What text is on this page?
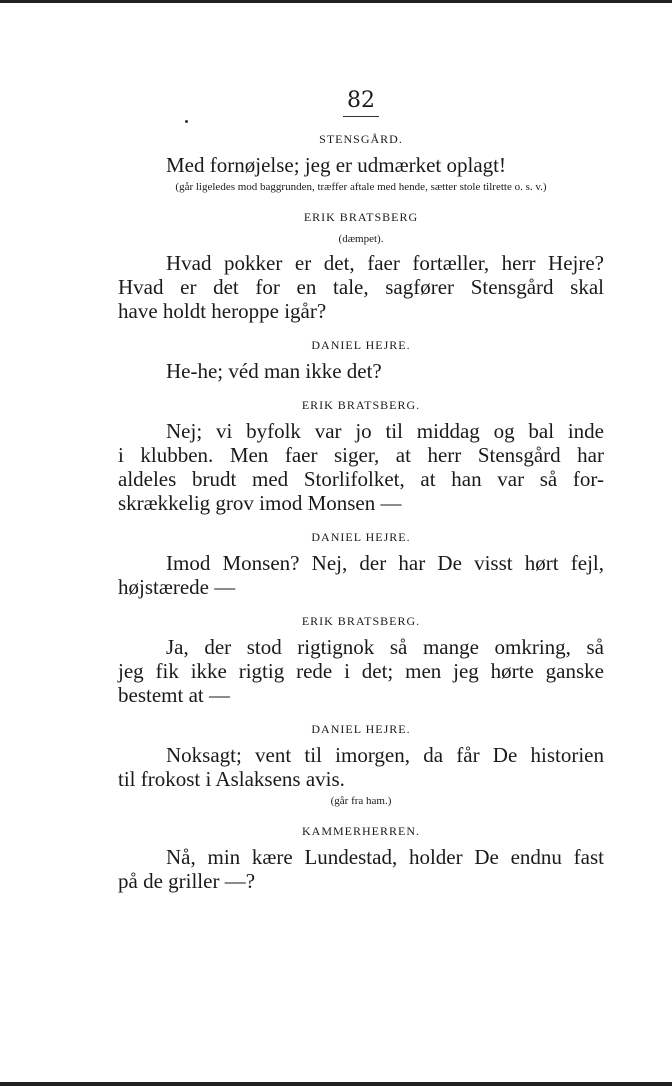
82
STENSGÅRD.
Med fornøjelse; jeg er udmærket oplagt!
(går ligeledes mod baggrunden, træffer aftale med hende, sætter stole tilrette o. s. v.)
ERIK BRATSBERG
(dæmpet).
Hvad pokker er det, faer fortæller, herr Hejre?
Hvad er det for en tale, sagfører Stensgård skal
have holdt heroppe igår?
DANIEL HEJRE.
He-he; véd man ikke det?
ERIK BRATSBERG.
Nej; vi byfolk var jo til middag og bal inde
i klubben. Men faer siger, at herr Stensgård har
aldeles brudt med Storlifolket, at han var så for-
skrækkelig grov imod Monsen —
DANIEL HEJRE.
Imod Monsen? Nej, der har De visst hørt fejl,
højstærede —
ERIK BRATSBERG.
Ja, der stod rigtignok så mange omkring, så
jeg fik ikke rigtig rede i det; men jeg hørte ganske
bestemt at —
DANIEL HEJRE.
Noksagt; vent til imorgen, da får De historien
til frokost i Aslaksens avis.
(går fra ham.)
KAMMERHERREN.
Nå, min kære Lundestad, holder De endnu fast
på de griller —?
